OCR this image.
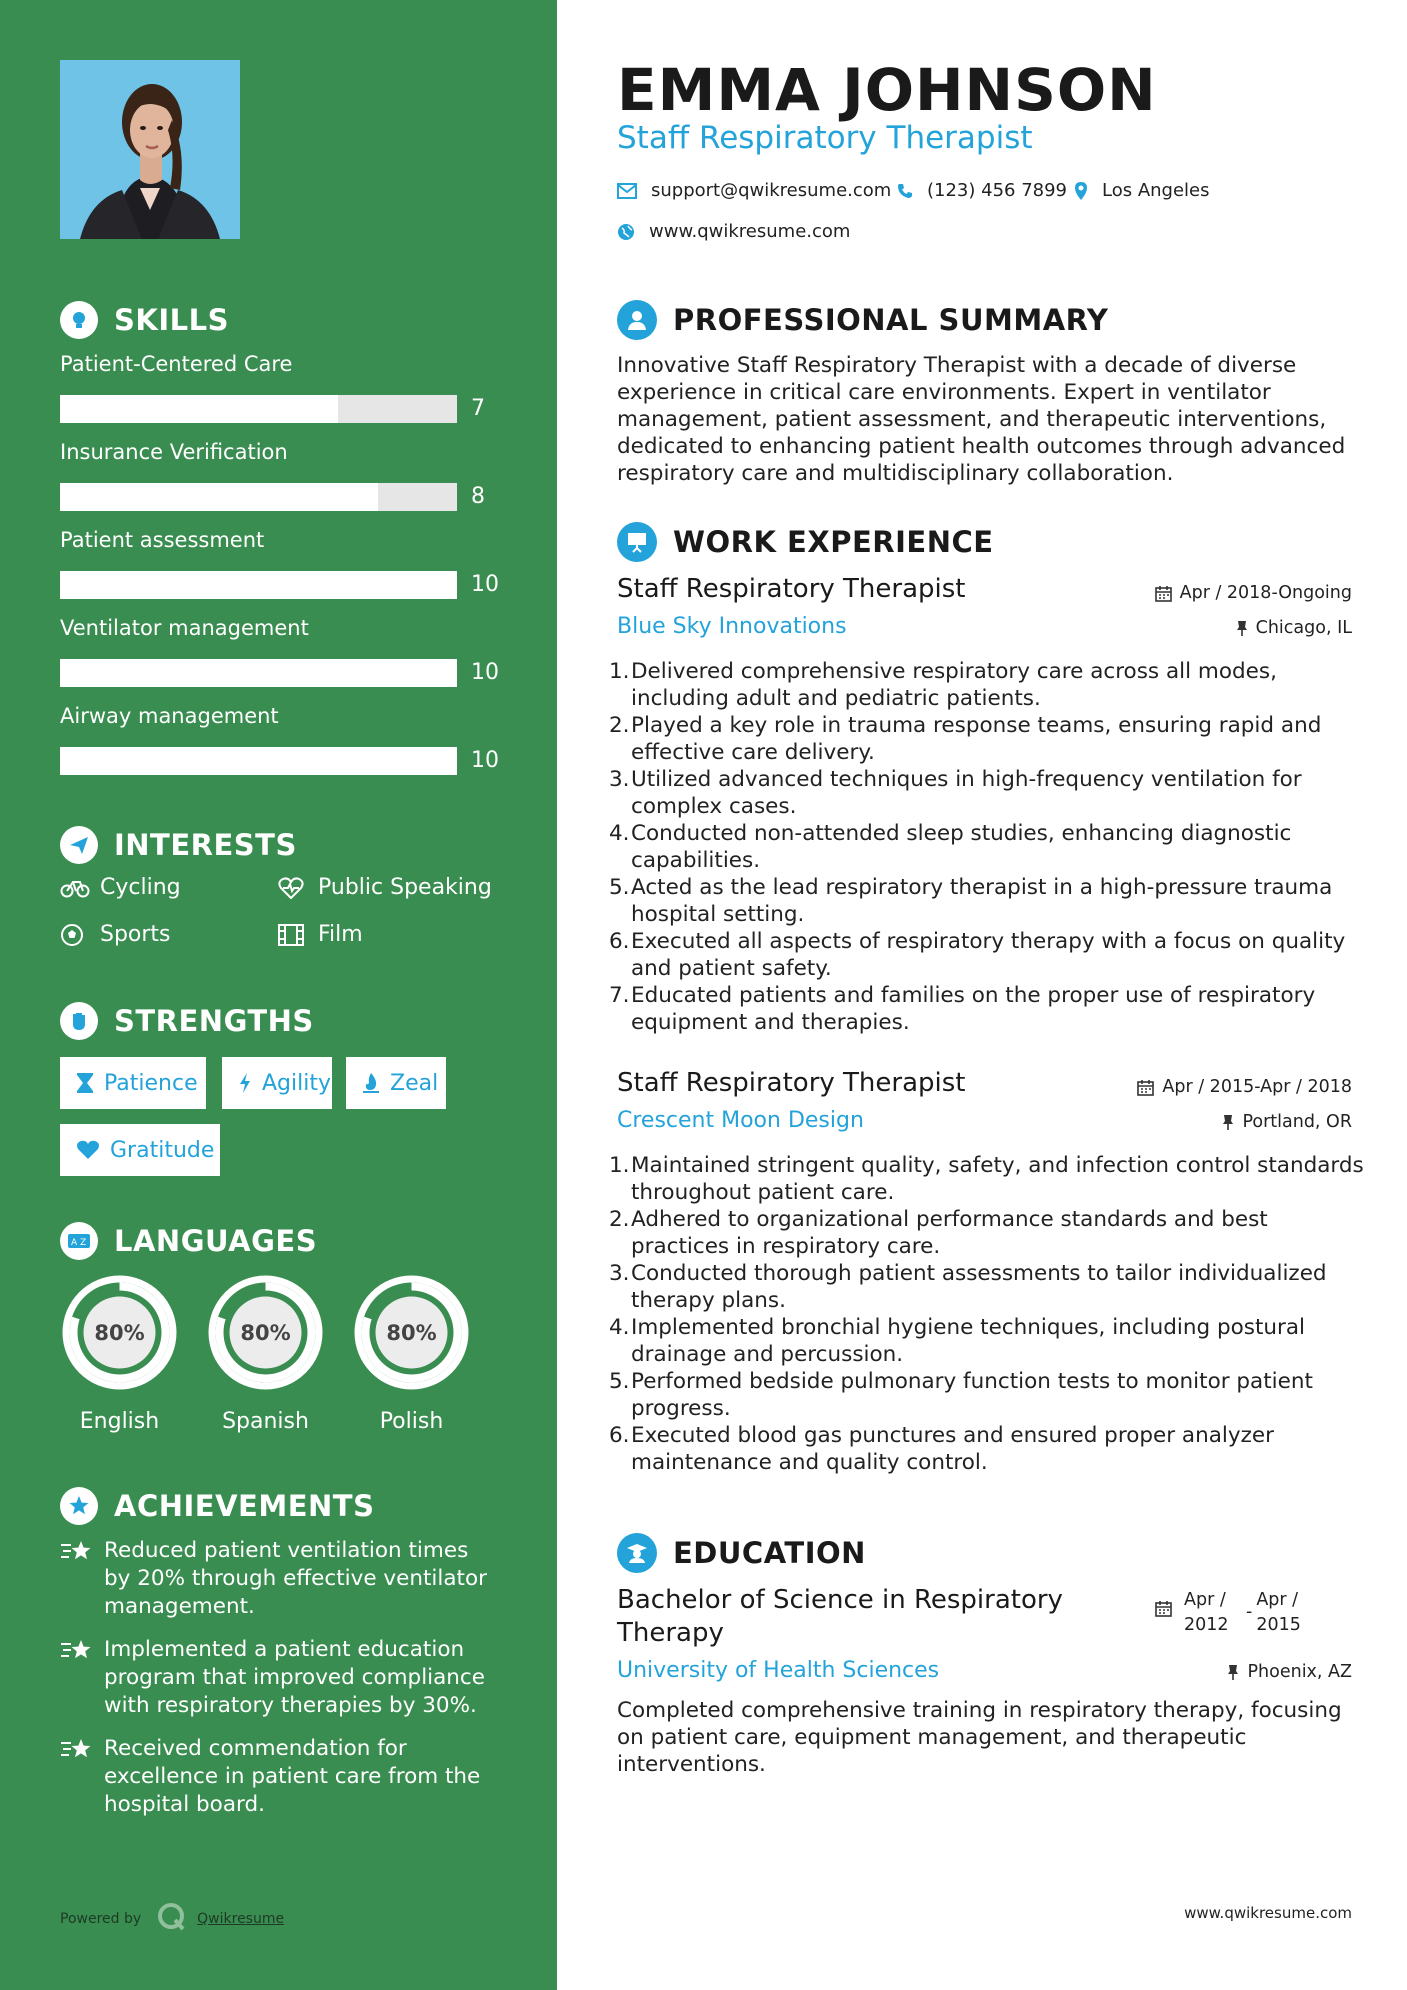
SKILLS
Patient-Centered Care
7
Insurance Verification
8
Patient assessment
10
Ventilator management
10
Airway management
10
INTERESTS
Cycling	Public Speaking
Sports	Film
STRENGTHS
Patience	Agility	Zeal
Gratitude
A Z LANGUAGES
80%
English
80%
Spanish
80%
Polish
ACHIEVEMENTS
Reduced patient ventilation times by 20% through effective ventilator management.
Implemented a patient education program that improved compliance with respiratory therapies by 30%.
Received commendation for excellence in patient care from the hospital board.
Powered by	Qwikresume
EMMA JOHNSON
Staff Respiratory Therapist
support@qwikresume.com (123) 456 7899 Los Angeles
www.qwikresume.com
PROFESSIONAL SUMMARY
Innovative Staff Respiratory Therapist with a decade of diverse experience in critical care environments. Expert in ventilator management, patient assessment, and therapeutic interventions, dedicated to enhancing patient health outcomes through advanced respiratory care and multidisciplinary collaboration.
WORK EXPERIENCE
Staff Respiratory Therapist	Apr / 2018-Ongoing
Blue Sky Innovations	Chicago, IL
1. Delivered comprehensive respiratory care across all modes, including adult and pediatric patients.
2. Played a key role in trauma response teams, ensuring rapid and effective care delivery.
3. Utilized advanced techniques in high-frequency ventilation for complex cases.
4. Conducted non-attended sleep studies, enhancing diagnostic capabilities.
5. Acted as the lead respiratory therapist in a high-pressure trauma hospital setting.
6. Executed all aspects of respiratory therapy with a focus on quality and patient safety.
7. Educated patients and families on the proper use of respiratory equipment and therapies.
Staff Respiratory Therapist	Apr / 2015-Apr / 2018
Crescent Moon Design	Portland, OR
1. Maintained stringent quality, safety, and infection control standards throughout patient care.
2. Adhered to organizational performance standards and best practices in respiratory care.
3. Conducted thorough patient assessments to tailor individualized therapy plans.
4. Implemented bronchial hygiene techniques, including postural drainage and percussion.
5. Performed bedside pulmonary function tests to monitor patient progress.
6. Executed blood gas punctures and ensured proper analyzer maintenance and quality control.
EDUCATION
Bachelor of Science in Respiratory Therapy
Apr / 2012
-
Apr / 2015
University of Health Sciences	Phoenix, AZ
Completed comprehensive training in respiratory therapy, focusing on patient care, equipment management, and therapeutic interventions.
www.qwikresume.com
